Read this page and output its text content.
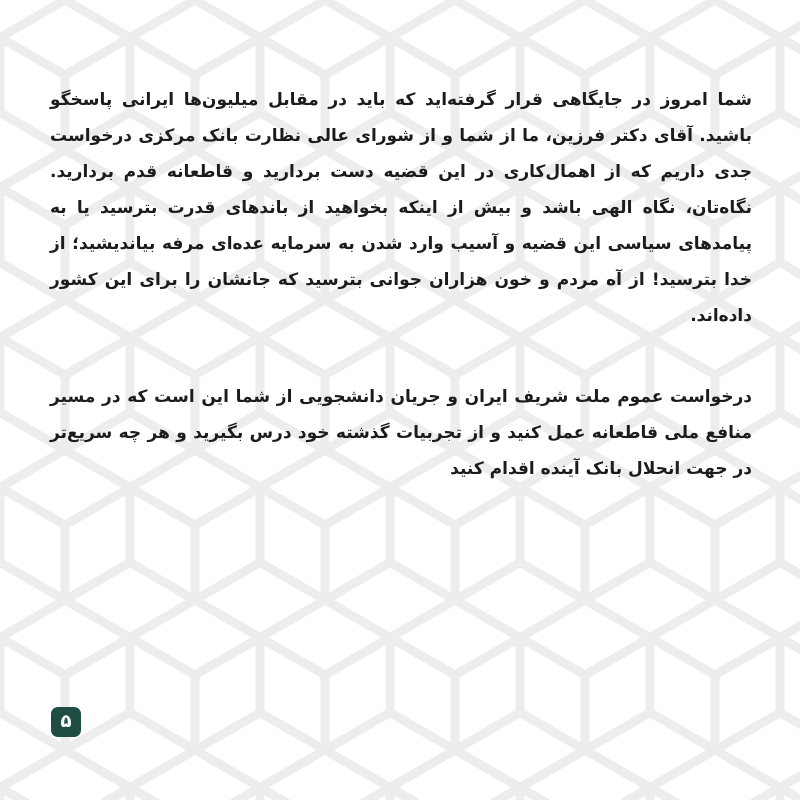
شما امروز در جایگاهی قرار گرفته‌اید که باید در مقابل میلیون‌ها ایرانی پاسخگو باشید. آقای دکتر فرزین، ما از شما و از شورای عالی نظارت بانک مرکزی درخواست جدی داریم که از اهمال‌کاری در این قضیه دست بردارید و قاطعانه قدم بردارید. نگاه‌تان، نگاه الهی باشد و بیش از اینکه بخواهید از باندهای قدرت بترسید یا به پیامدهای سیاسی این قضیه و آسیب وارد شدن به سرمایه عده‌ای مرفه بیاندیشید؛ از خدا بترسید! از آه مردم و خون هزاران جوانی بترسید که جانشان را برای این کشور داده‌اند.
درخواست عموم ملت شریف ایران و جریان دانشجویی از شما این است که در مسیر منافع ملی قاطعانه عمل کنید و از تجربیات گذشته خود درس بگیرید و هر چه سریع‌تر در جهت انحلال بانک آینده اقدام کنید
۵
